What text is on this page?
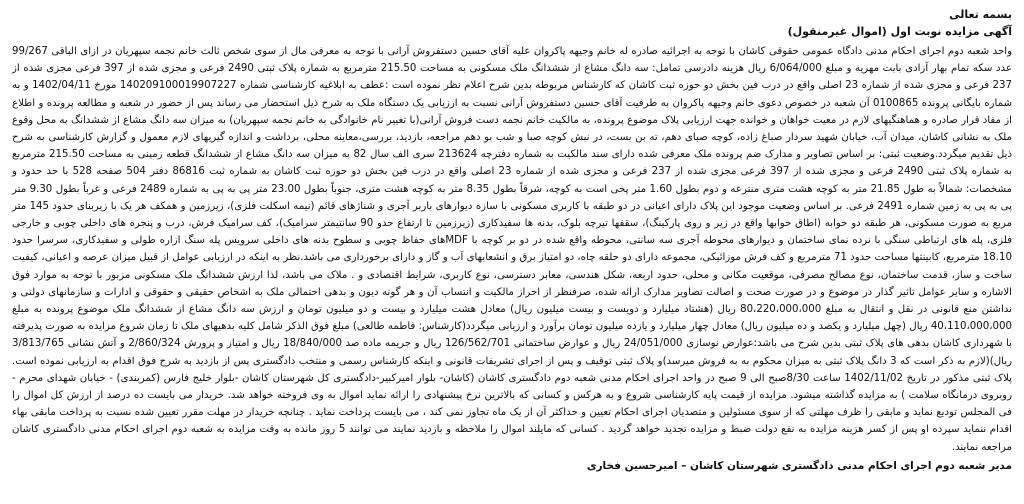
بسمه تعالی
آگهی مزایده نوبت اول (اموال غیرمنقول)

واحد شعبه دوم اجرای احکام مدنی دادگاه عمومی حقوقی کاشان با توجه به اجرائیه صادره له خانم وجیهه پاکروان علیه آقای حسین دستفروش آرانی با توجه به معرفی مال از سوی شخص ثالث خانم نجمه سپهریان در ازای الباقی 99/267 عدد سکه تمام بهار آزادی بابت مهریه و مبلغ 6/064/000 ریال هزینه دادرسی تمامل: سه دانگ مشاع از ششدانگ ملک مسکونی به مساحت 215.50 مترمربع به شماره پلاک ثبتی 2490 فرعی و مجزی شده از 397 فرعی مجزی شده از 237 فرعی و مجزی شده از شماره 23 اصلی واقع در درب فین بخش دو حوزه ثبت کاشان که کارشناس مربوطه بدین شرح اعلام نظر نموده است :عطف به ابلاغیه کارشناسی شماره 140209100019907227 مورخ 1402/04/11 و به شماره بایگانی پرونده 0100865 آن شعبه در خصوص دعوی خانم وجیهه پاکروان به طرفیت آقای حسین دستفروش آرانی نسبت به ارزیابی یک دستگاه ملک به شرح ذیل استحضار می رساند پس از حضور در شعبه و مطالعه پرونده و اطلاع از مفاد قرار صادره و هماهنگیهای لازم در معیت خواهان و خوانده جهت ارزیابی پلاک موضوع پرونده، به مالکیت خانم نجمه دست فروش آرانی(با تغییر نام خانوادگی به خانم نجمه سپهریان) به میزان سه دانگ مشاع از ششدانگ به محل وقوع ملک به نشانی کاشان، میدان آب، خیابان شهید سردار صباغ زاده، کوچه صبای دهم، ته بن بست، در نبش کوچه صبا و شب بو دهم مراجعه، بازدید، بررسی،معاینه محلی، برداشت و اندازه گیریهای لازم معمول و گزارش کارشناسی به شرح ذیل تقدیم میگردد.وضعیت ثبتی: بر اساس تصاویر و مدارک ضم پرونده ملک معرفی شده دارای سند مالکیت به شماره دفترچه 213624 سری الف سال 82 به میزان سه دانگ مشاع از ششدانگ قطعه زمینی به مساحت 215.50 مترمربع به شماره پلاک ثبتی 2490 فرعی و مجزی شده از 397 فرعی مجزی شده از 237 فرعی و مجزی شده از شماره 23 اصلی واقع در درب فین بخش دو حوزه ثبت کاشان به شماره ثبت 86816 دفتر 504 صفحه 528 با حد حدود و مشخصات: شمالاً به طول 21.85 متر به کوچه هشت متری منترعه و دوم بطول 1.60 متر پخی است به کوچه، شرقاً بطول 8.35 متر به کوچه هشت متری، جنوباً بطول 23.00 متر پی به پی به شماره 2489 فرعی و غرباً بطول 9.30 متر پی به پی به زمین شماره 2491 فرعی. بر اساس وضعیت موجود این پلاک دارای اعیانی در دو طبقه با کاربری مسکونی با سازه دیوارهای باربر آجری و شناژهای قائم (نیمه اسکلت فلزی)، زیرزمین و همکف هر یک با زیربنای حدود 145 متر مربع به صورت مسکونی، هر طبقه دو خوابه (اطاق خوابها واقع در زیر و روی پارکینگ)، سقفها تیرچه بلوک، بدنه ها سفیدکاری (زیرزمین تا ارتفاع حدو 90 سانتیمتر سرامیک)، کف سرامیک فرش، درب و پنجره های داخلی چوبی و خارجی فلزی، پله های ارتباطی سنگی با نرده نمای ساختمان و دیوارهای محوطه آجری سه سانتی، محوطه واقع شده در دو بر کوچه با MDFهای حفاظ چوبی و سطوح بدنه های داخلی سرویس پله سنگ ازاره طولی و سفیدکاری، سرسرا حدود 18.10 مترمربع، کابینتها مساحت حدود 71 مترمربع و کف فرش موزائیکی، مجموعه دارای دو حلقه چاه، دو امتیاز برق و انشعابهای آب و گاز و دارای برخورداری می باشد.نظر به اینکه در ارزیابی عوامل از قبیل میزان عرصه و اعیانی، کیفیت ساخت و ساز، قدمت ساختمان، نوع مصالح مصرفی، موقعیت مکانی و محلی، حدود اربعه، شکل هندسی، معابر دسترسی، نوع کاربری، شرایط اقتصادی و . ملاک می باشد، لذا ارزش ششدانگ ملک مسکونی مزبور با توجه به موارد فوق الاشاره و سایر عوامل تاثیر گذار در موضوع و در صورت صحت و اصالت تصاویر مدارک ارائه شده، صرفنظر از احراز مالکیت و انتساب آن و هر گونه دیون و بدهی احتمالی ملک به اشخاص حقیقی و حقوقی و ادارات و سازمانهای دولتی و نداشتن منع قانونی در نقل و انتقال به مبلغ 80،220،000،000 ریال (هشتاد میلیارد و دویست و بیست میلیون ریال) معادل هشت میلیارد و بیست و دو میلیون تومان و ارزش سه دانگ مشاع از ششدانگ ملک موضوع پرونده به مبلغ 40،110،000،000 ریال (چهل میلیارد و یکصد و ده میلیون ریال) معادل چهار میلیارد و یازده میلیون تومان برآورد و ارزیابی میگردد(کارشناس: فاطمه طالعی) مبلغ فوق الذکر شامل کلیه بدهیهای ملک تا زمان شروع مزایده به صورت پذیرفته با شهرداری کاشان بدهی های پلاک ثبتی بدین شرح می باشد:عوارض نوسازی 24/051/000 ریال و عوارض ساختمانی 126/562/701 ریال و جریمه ماده صد 18/840/000 ریال و امتیاز و پرورش 2/860/324 و آتش نشانی 3/813/765 ریال)(لازم به ذکر است که 3 دانگ پلاک ثبتی به میزان محکوم به به فروش میرسد)و پلاک ثبتی توقیف و پس از اجرای تشریفات قانونی و اینکه کارشناس رسمی و منتخب دادگستری پس از بازدید به شرح فوق اقدام به ارزیابی نموده است. پلاک ثبتی مذکور در تاریخ 1402/11/02 ساعت 8/30صبح الی 9 صبح در واحد اجرای احکام مدنی شعبه دوم دادگستری کاشان (کاشان- بلوار امیرکبیر-دادگستری کل شهرستان کاشان -بلوار خلیج فارس (کمربندی) - خیابان شهدای محرم - روبروی درمانگاه سلامت ) به مزایده گذاشته میشود. مزایده از قیمت پایه کارشناسی شروع و به هرکس و کسانی که بالاترین نرخ پیشنهادی را ارائه نماید اموال به وی فروخته خواهد شد. خریدار می بایست ده درصد از ارزش کل اموال را فی المجلس تودیع نماید و مابقی را ظرف مهلتی که از سوی مسئولین و متصدیان اجرای احکام تعیین و حداکثر آن از یک ماه تجاوز نمی کند ، می بایست پرداخت نماید . چنانچه خریدار در مهلت مقرر تعیین شده نسبت به پرداخت مابقی بهاء اقدام ننماید سپرده او پس از کسر هزینه مزایده به نفع دولت ضبط و مزایده تجدید خواهد گردید . کسانی که مایلند اموال را ملاحظه و بازدید نمایند می توانند 5 روز مانده به وقت مزایده به شعبه دوم اجرای احکام مدنی دادگستری کاشان مراجعه نمایند.

مدیر شعبه دوم اجرای احکام مدنی دادگستری شهرستان کاشان – امیرحسین فخاری
